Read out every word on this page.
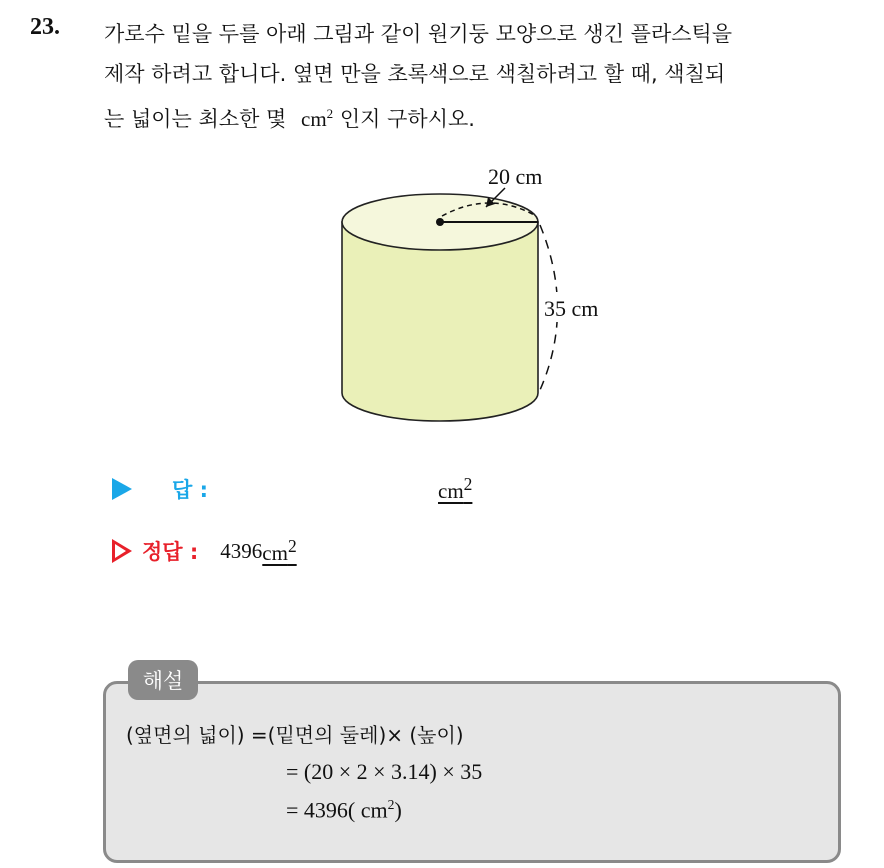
23. 가로수 밑을 두를 아래 그림과 같이 원기둥 모양으로 생긴 플라스틱을
제작 하려고 합니다. 옆면 만을 초록색으로 색칠하려고 할 때, 색칠되
는 넓이는 최소한 몇 $cm^2$ 인지 구하시오.
20 cm
35 cm
답 :	$cm^2$
정답 : 4396 $cm^2$
해설
(옆면의 넓이) =(밑면의 둘레)× (높이)
= (20 × 2 × 3.14) × 35
= 4396( $cm^2$)
